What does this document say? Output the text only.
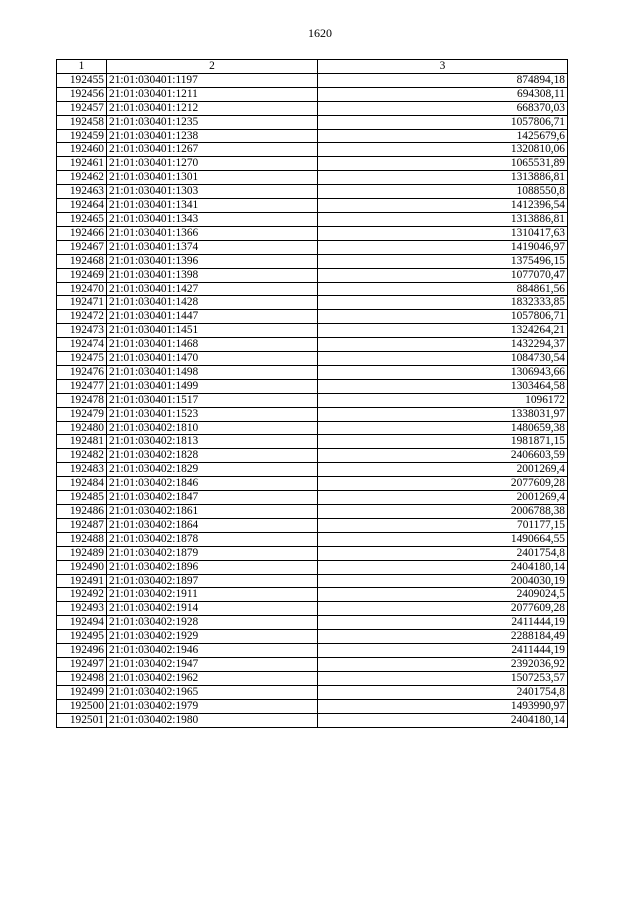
1620
1	2	3
192455	21:01:030401:1197	874894,18
192456	21:01:030401:1211	694308,11
192457	21:01:030401:1212	668370,03
192458	21:01:030401:1235	1057806,71
192459	21:01:030401:1238	1425679,6
192460	21:01:030401:1267	1320810,06
192461	21:01:030401:1270	1065531,89
192462	21:01:030401:1301	1313886,81
192463	21:01:030401:1303	1088550,8
192464	21:01:030401:1341	1412396,54
192465	21:01:030401:1343	1313886,81
192466	21:01:030401:1366	1310417,63
192467	21:01:030401:1374	1419046,97
192468	21:01:030401:1396	1375496,15
192469	21:01:030401:1398	1077070,47
192470	21:01:030401:1427	884861,56
192471	21:01:030401:1428	1832333,85
192472	21:01:030401:1447	1057806,71
192473	21:01:030401:1451	1324264,21
192474	21:01:030401:1468	1432294,37
192475	21:01:030401:1470	1084730,54
192476	21:01:030401:1498	1306943,66
192477	21:01:030401:1499	1303464,58
192478	21:01:030401:1517	1096172
192479	21:01:030401:1523	1338031,97
192480	21:01:030402:1810	1480659,38
192481	21:01:030402:1813	1981871,15
192482	21:01:030402:1828	2406603,59
192483	21:01:030402:1829	2001269,4
192484	21:01:030402:1846	2077609,28
192485	21:01:030402:1847	2001269,4
192486	21:01:030402:1861	2006788,38
192487	21:01:030402:1864	701177,15
192488	21:01:030402:1878	1490664,55
192489	21:01:030402:1879	2401754,8
192490	21:01:030402:1896	2404180,14
192491	21:01:030402:1897	2004030,19
192492	21:01:030402:1911	2409024,5
192493	21:01:030402:1914	2077609,28
192494	21:01:030402:1928	2411444,19
192495	21:01:030402:1929	2288184,49
192496	21:01:030402:1946	2411444,19
192497	21:01:030402:1947	2392036,92
192498	21:01:030402:1962	1507253,57
192499	21:01:030402:1965	2401754,8
192500	21:01:030402:1979	1493990,97
192501	21:01:030402:1980	2404180,14
